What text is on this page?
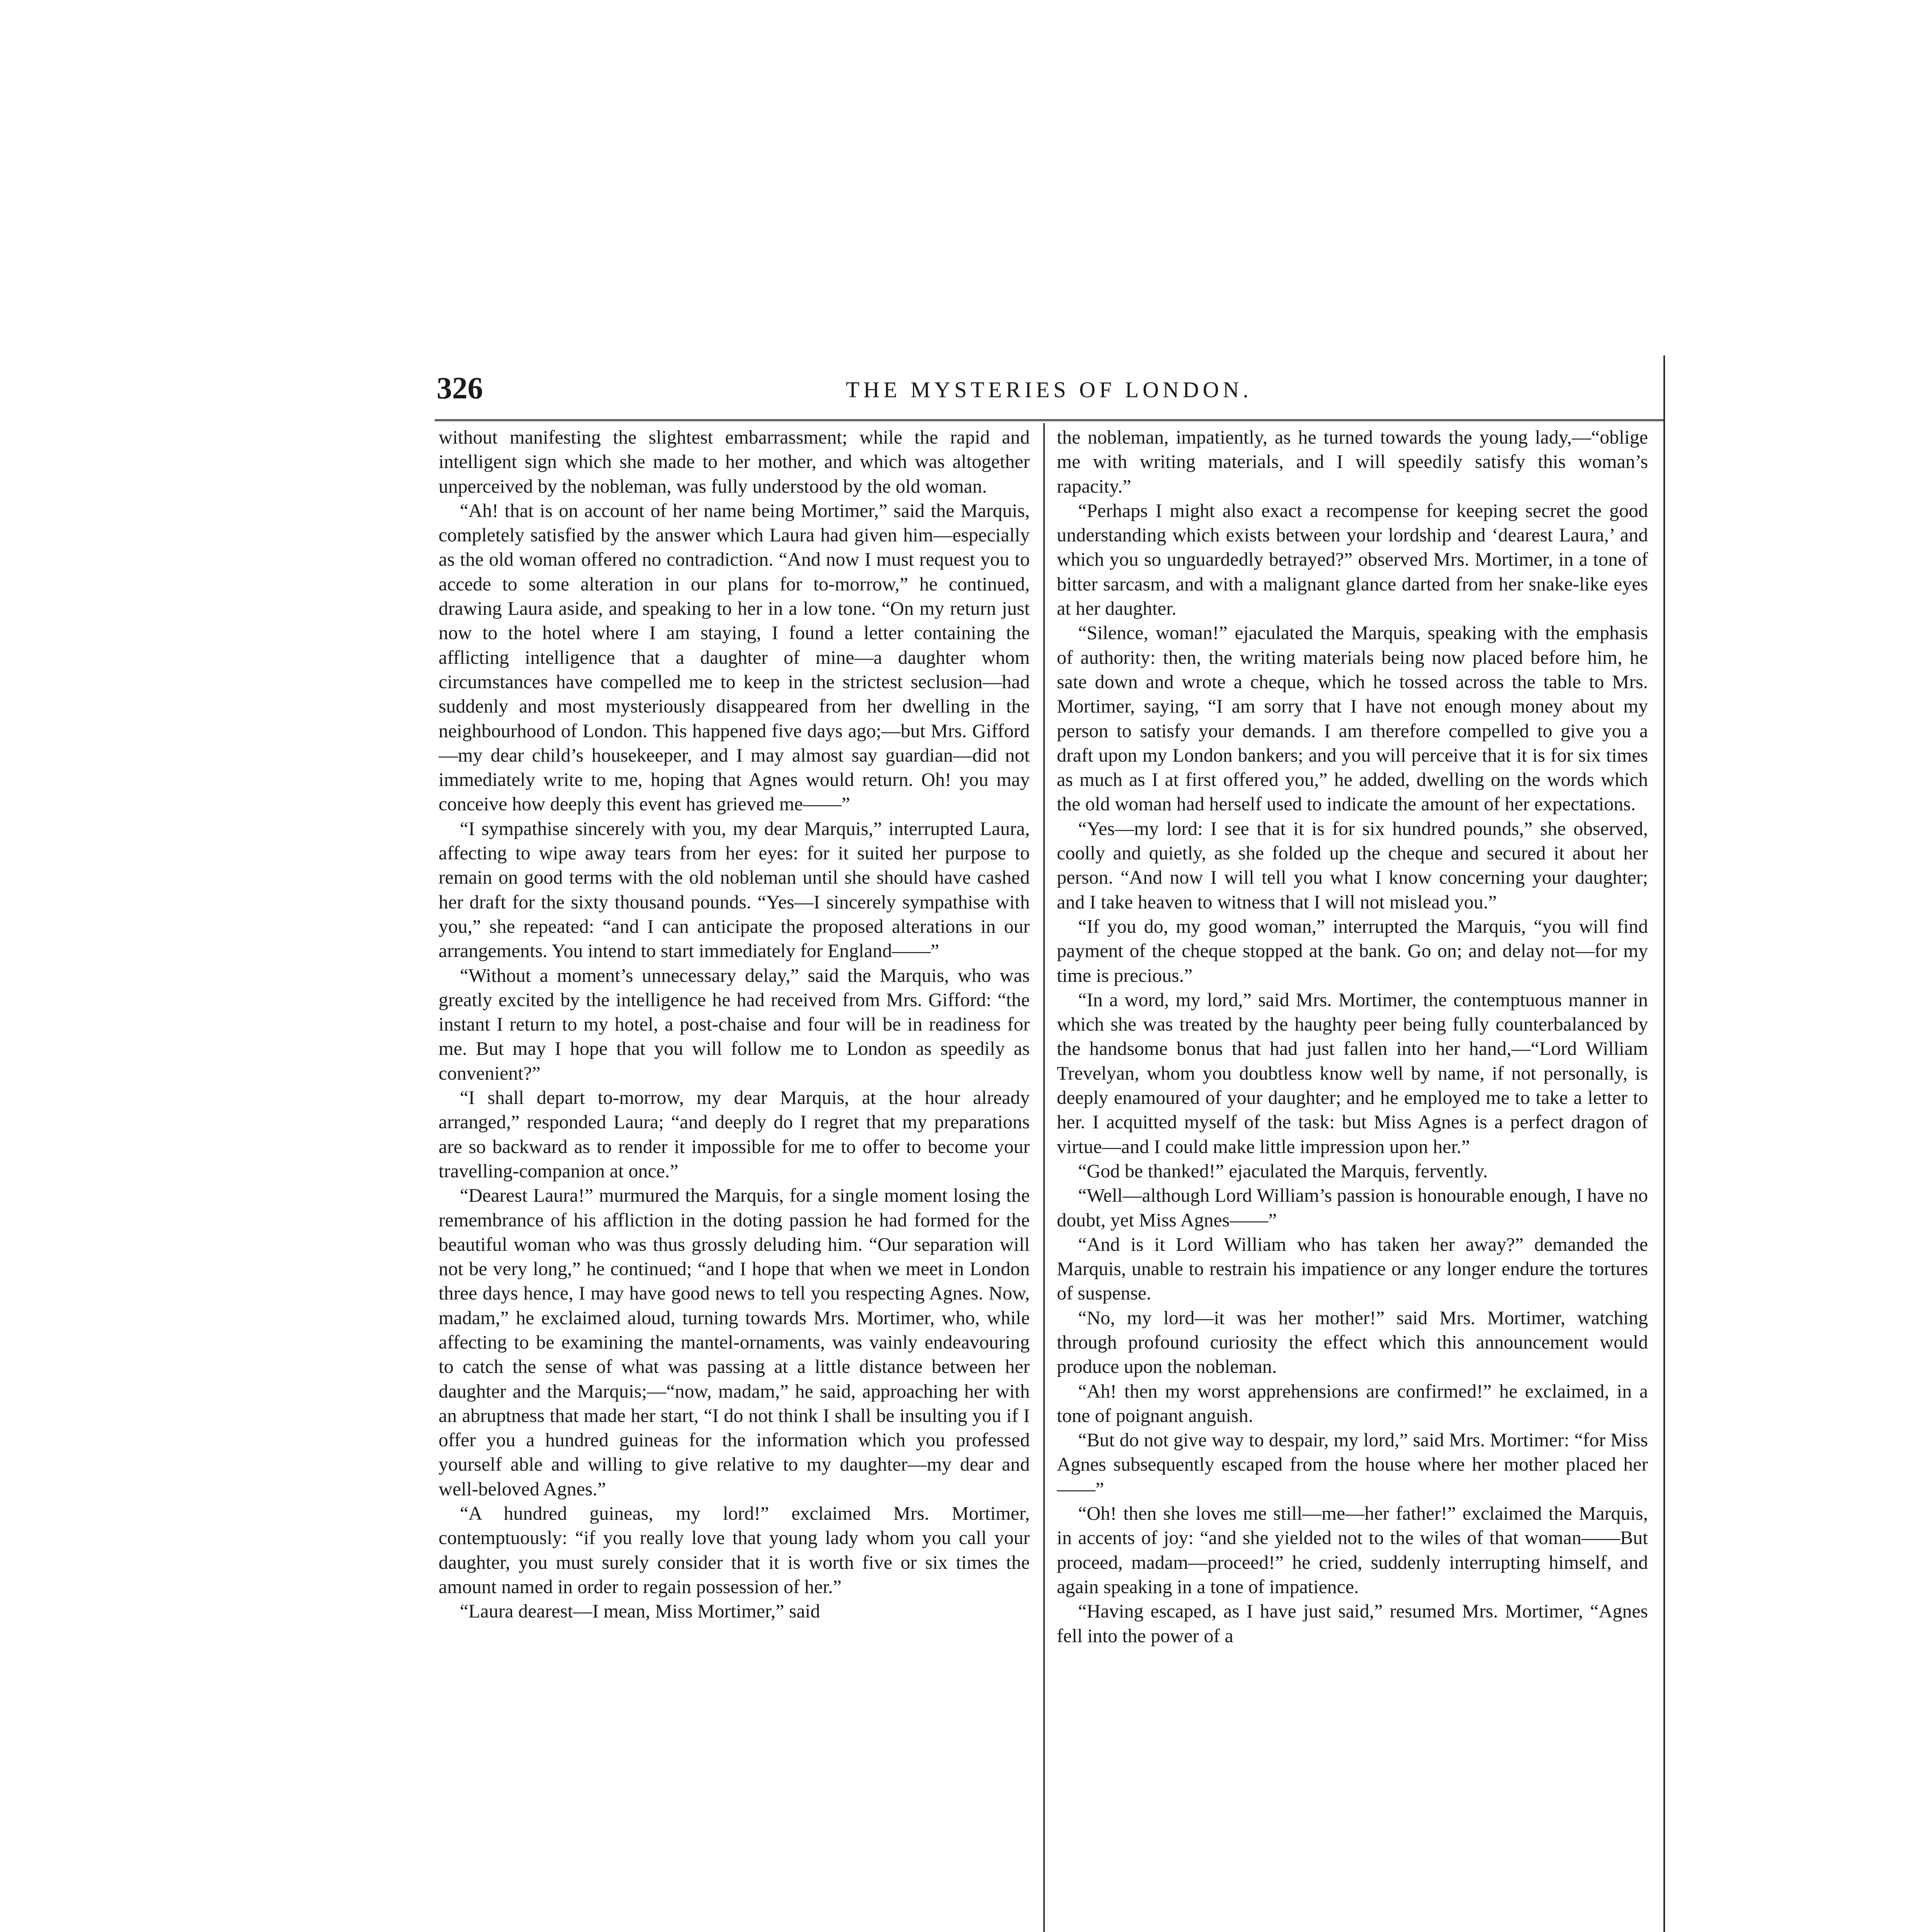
326	THE MYSTERIES OF LONDON.

without manifesting the slightest embarrassment; while the rapid and intelligent sign which she made to her mother, and which was altogether unperceived by the nobleman, was fully understood by the old woman.

“Ah! that is on account of her name being Mortimer,” said the Marquis, completely satisfied by the answer which Laura had given him—especially as the old woman offered no contradiction. “And now I must request you to accede to some alteration in our plans for to-morrow,” he continued, drawing Laura aside, and speaking to her in a low tone. “On my return just now to the hotel where I am staying, I found a letter containing the afflicting intelligence that a daughter of mine—a daughter whom circumstances have compelled me to keep in the strictest seclusion—had suddenly and most mysteriously disappeared from her dwelling in the neighbourhood of London. This happened five days ago;—but Mrs. Gifford—my dear child’s housekeeper, and I may almost say guardian—did not immediately write to me, hoping that Agnes would return. Oh! you may conceive how deeply this event has grieved me——”

“I sympathise sincerely with you, my dear Marquis,” interrupted Laura, affecting to wipe away tears from her eyes: for it suited her purpose to remain on good terms with the old nobleman until she should have cashed her draft for the sixty thousand pounds. “Yes—I sincerely sympathise with you,” she repeated: “and I can anticipate the proposed alterations in our arrangements. You intend to start immediately for England——”

“Without a moment’s unnecessary delay,” said the Marquis, who was greatly excited by the intelligence he had received from Mrs. Gifford: “the instant I return to my hotel, a post-chaise and four will be in readiness for me. But may I hope that you will follow me to London as speedily as convenient?”

“I shall depart to-morrow, my dear Marquis, at the hour already arranged,” responded Laura; “and deeply do I regret that my preparations are so backward as to render it impossible for me to offer to become your travelling-companion at once.”

“Dearest Laura!” murmured the Marquis, for a single moment losing the remembrance of his affliction in the doting passion he had formed for the beautiful woman who was thus grossly deluding him. “Our separation will not be very long,” he continued; “and I hope that when we meet in London three days hence, I may have good news to tell you respecting Agnes. Now, madam,” he exclaimed aloud, turning towards Mrs. Mortimer, who, while affecting to be examining the mantel-ornaments, was vainly endeavouring to catch the sense of what was passing at a little distance between her daughter and the Marquis;—“now, madam,” he said, approaching her with an abruptness that made her start, “I do not think I shall be insulting you if I offer you a hundred guineas for the information which you professed yourself able and willing to give relative to my daughter—my dear and well-beloved Agnes.”

“A hundred guineas, my lord!” exclaimed Mrs. Mortimer, contemptuously: “if you really love that young lady whom you call your daughter, you must surely consider that it is worth five or six times the amount named in order to regain possession of her.”

“Laura dearest—I mean, Miss Mortimer,” said

the nobleman, impatiently, as he turned towards the young lady,—“oblige me with writing materials, and I will speedily satisfy this woman’s rapacity.”

“Perhaps I might also exact a recompense for keeping secret the good understanding which exists between your lordship and ‘dearest Laura,’ and which you so unguardedly betrayed?” observed Mrs. Mortimer, in a tone of bitter sarcasm, and with a malignant glance darted from her snake-like eyes at her daughter.

“Silence, woman!” ejaculated the Marquis, speaking with the emphasis of authority: then, the writing materials being now placed before him, he sate down and wrote a cheque, which he tossed across the table to Mrs. Mortimer, saying, “I am sorry that I have not enough money about my person to satisfy your demands. I am therefore compelled to give you a draft upon my London bankers; and you will perceive that it is for six times as much as I at first offered you,” he added, dwelling on the words which the old woman had herself used to indicate the amount of her expectations.

“Yes—my lord: I see that it is for six hundred pounds,” she observed, coolly and quietly, as she folded up the cheque and secured it about her person. “And now I will tell you what I know concerning your daughter; and I take heaven to witness that I will not mislead you.”

“If you do, my good woman,” interrupted the Marquis, “you will find payment of the cheque stopped at the bank. Go on; and delay not—for my time is precious.”

“In a word, my lord,” said Mrs. Mortimer, the contemptuous manner in which she was treated by the haughty peer being fully counterbalanced by the handsome bonus that had just fallen into her hand,—“Lord William Trevelyan, whom you doubtless know well by name, if not personally, is deeply enamoured of your daughter; and he employed me to take a letter to her. I acquitted myself of the task: but Miss Agnes is a perfect dragon of virtue—and I could make little impression upon her.”

“God be thanked!” ejaculated the Marquis, fervently.

“Well—although Lord William’s passion is honourable enough, I have no doubt, yet Miss Agnes——”

“And is it Lord William who has taken her away?” demanded the Marquis, unable to restrain his impatience or any longer endure the tortures of suspense.

“No, my lord—it was her mother!” said Mrs. Mortimer, watching through profound curiosity the effect which this announcement would produce upon the nobleman.

“Ah! then my worst apprehensions are confirmed!” he exclaimed, in a tone of poignant anguish.

“But do not give way to despair, my lord,” said Mrs. Mortimer: “for Miss Agnes subsequently escaped from the house where her mother placed her——”

“Oh! then she loves me still—me—her father!” exclaimed the Marquis, in accents of joy: “and she yielded not to the wiles of that woman——But proceed, madam—proceed!” he cried, suddenly interrupting himself, and again speaking in a tone of impatience.

“Having escaped, as I have just said,” resumed Mrs. Mortimer, “Agnes fell into the power of a
